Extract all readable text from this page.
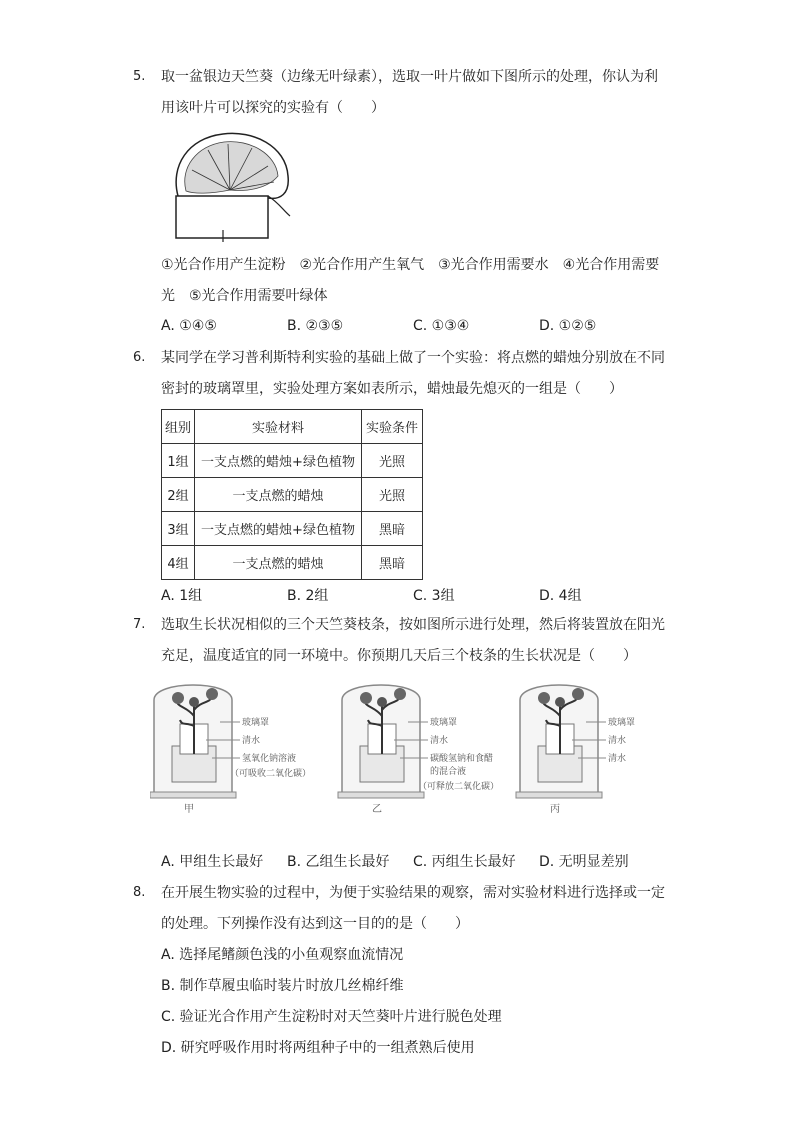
5.	取一盆银边天竺葵（边缘无叶绿素），选取一叶片做如下图所示的处理，你认为利
用该叶片可以探究的实验有（　　）
①光合作用产生淀粉　②光合作用产生氧气　③光合作用需要水　④光合作用需要
光　⑤光合作用需要叶绿体
A. ①④⑤	B. ②③⑤	C. ①③④	D. ①②⑤
6.	某同学在学习普利斯特利实验的基础上做了一个实验：将点燃的蜡烛分别放在不同
密封的玻璃罩里，实验处理方案如表所示，蜡烛最先熄灭的一组是（　　）
组别	实验材料	实验条件
1组	一支点燃的蜡烛+绿色植物	光照
2组	一支点燃的蜡烛	光照
3组	一支点燃的蜡烛+绿色植物	黑暗
4组	一支点燃的蜡烛	黑暗
A. 1组	B. 2组	C. 3组	D. 4组
7.	选取生长状况相似的三个天竺葵枝条，按如图所示进行处理，然后将装置放在阳光
充足，温度适宜的同一环境中。你预期几天后三个枝条的生长状况是（　　）
玻璃罩
清水
氢氧化钠溶液
（可吸收二氧化碳）
甲
玻璃罩
清水
碳酸氢钠和食醋
的混合液
（可释放二氧化碳）
乙
玻璃罩
清水
清水
丙
A. 甲组生长最好	B. 乙组生长最好	C. 丙组生长最好	D. 无明显差别
8.	在开展生物实验的过程中，为便于实验结果的观察，需对实验材料进行选择或一定
的处理。下列操作没有达到这一目的的是（　　）
A. 选择尾鳍颜色浅的小鱼观察血流情况
B. 制作草履虫临时装片时放几丝棉纤维
C. 验证光合作用产生淀粉时对天竺葵叶片进行脱色处理
D. 研究呼吸作用时将两组种子中的一组煮熟后使用
